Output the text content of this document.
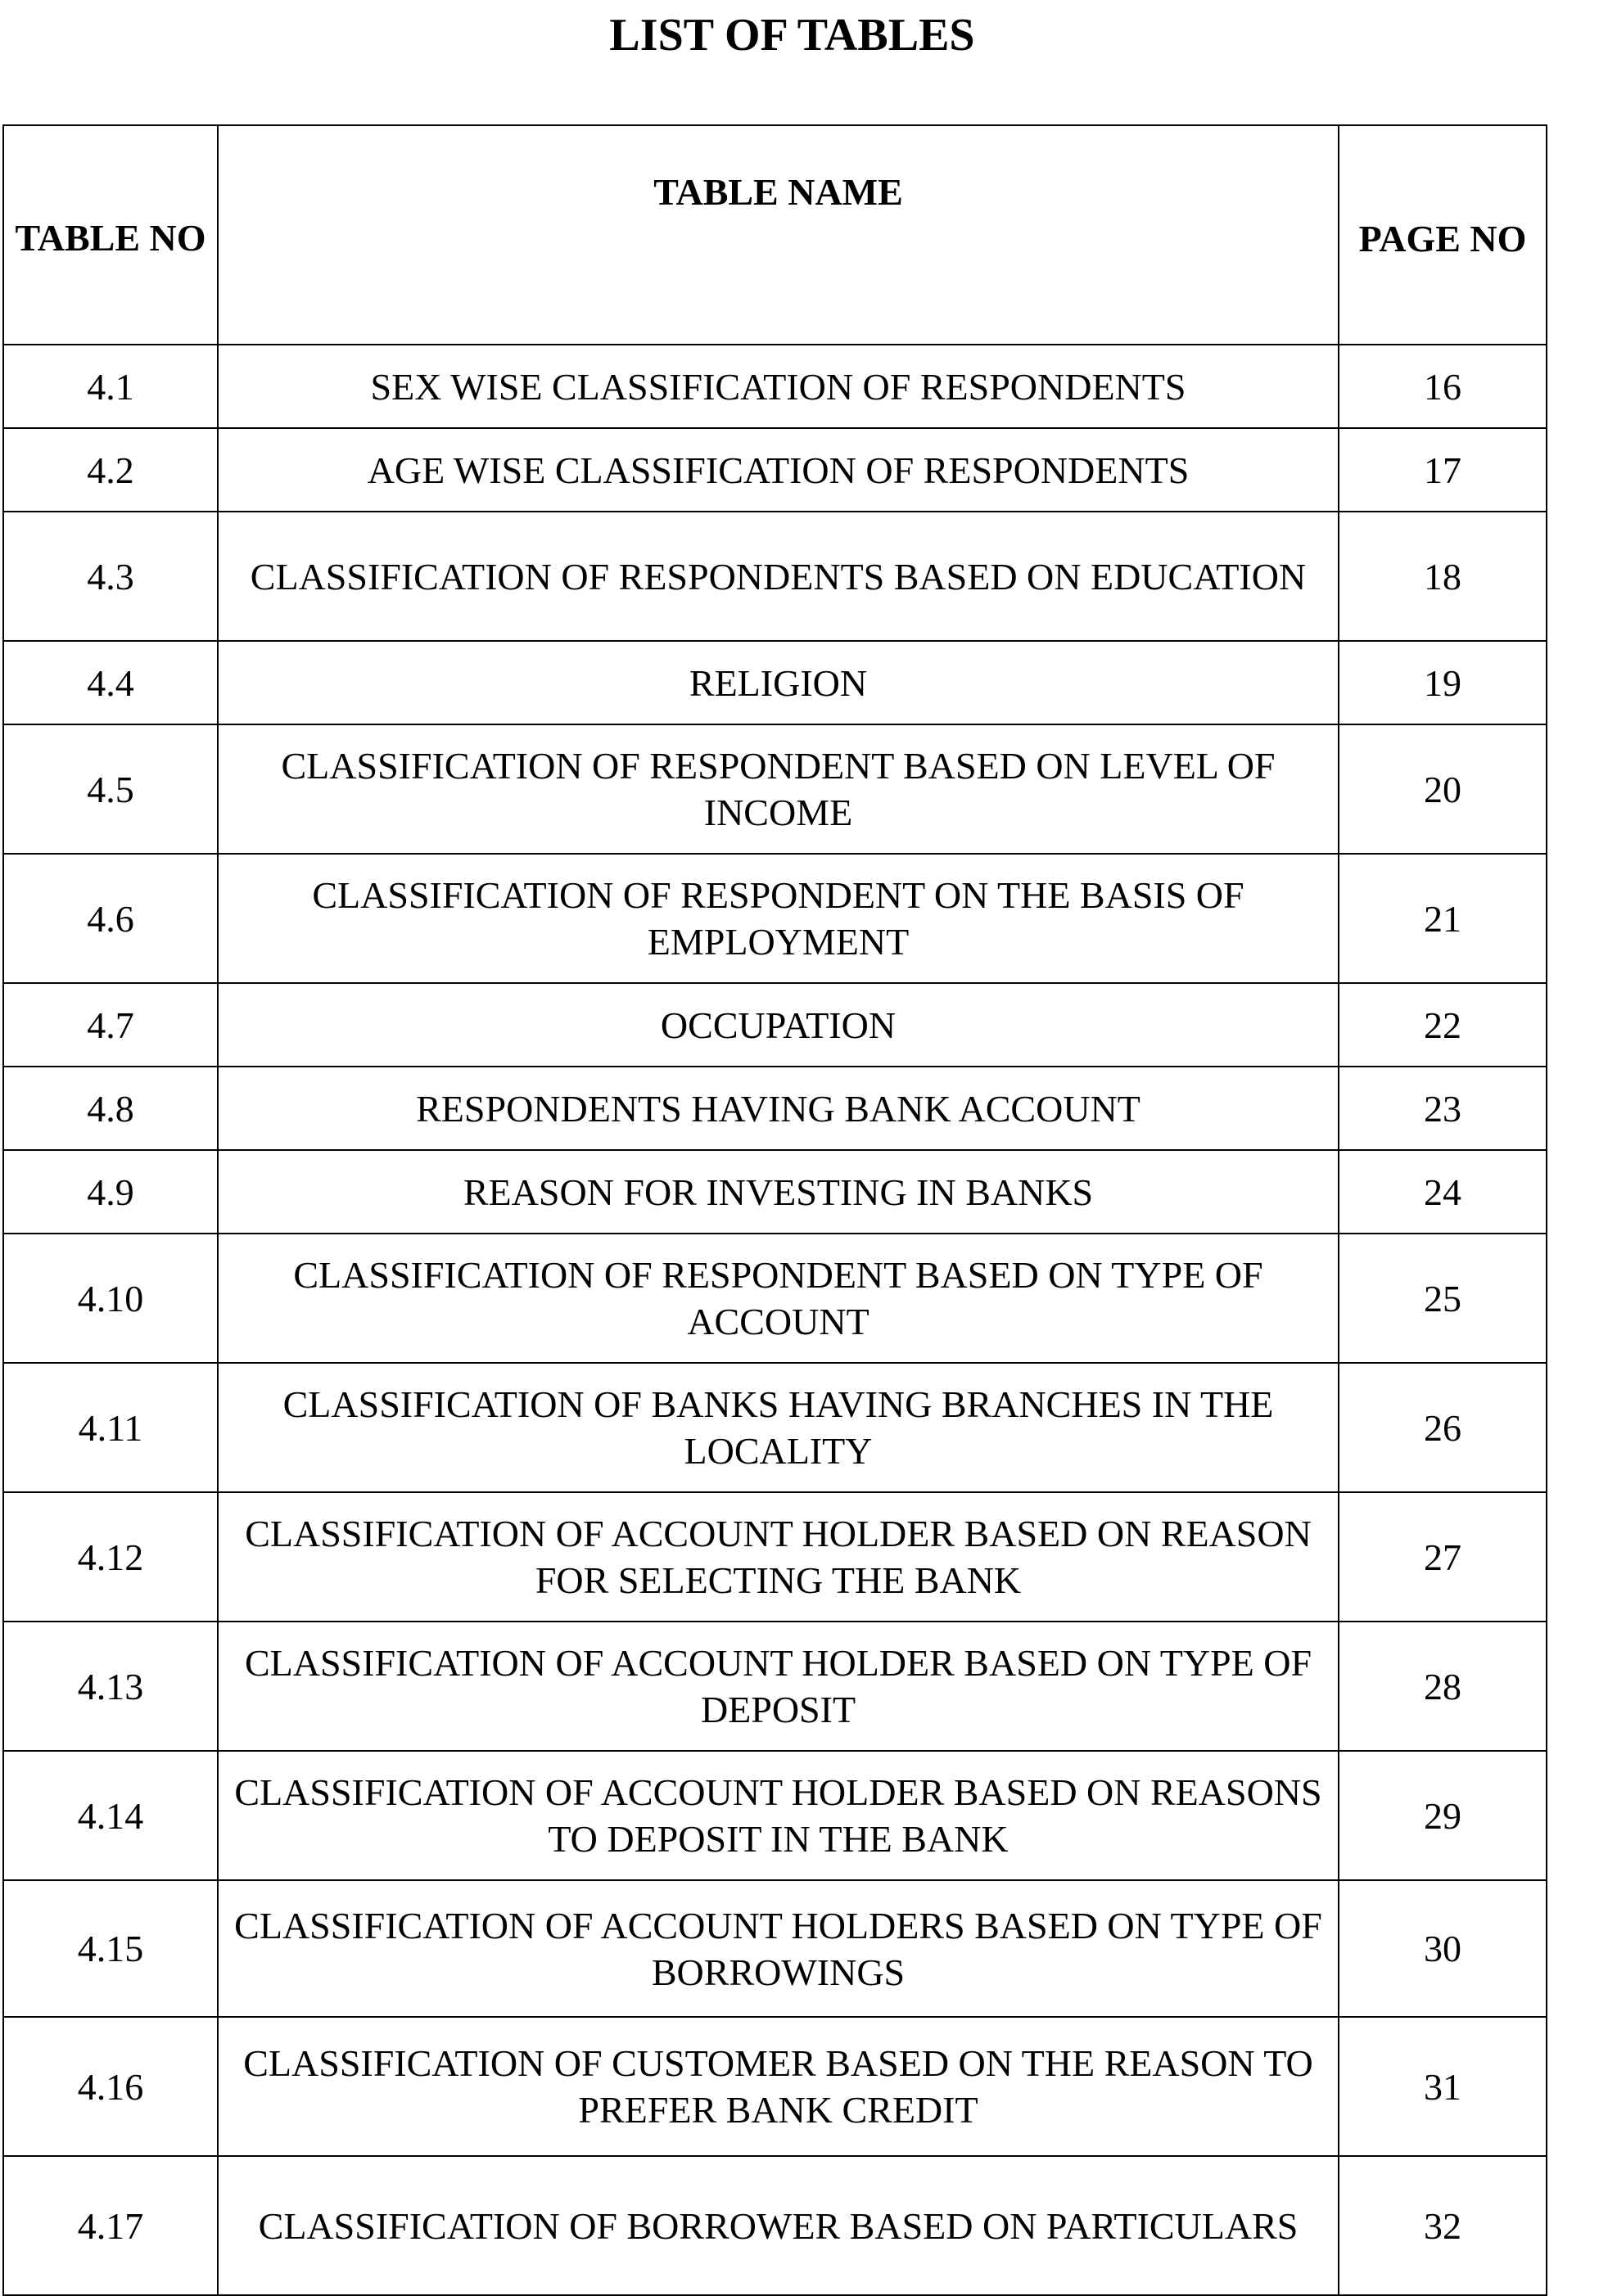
LIST OF TABLES
TABLE NO	TABLE NAME	PAGE NO
4.1	SEX WISE CLASSIFICATION OF RESPONDENTS	16
4.2	AGE WISE CLASSIFICATION OF RESPONDENTS	17
4.3	CLASSIFICATION OF RESPONDENTS BASED ON EDUCATION	18
4.4	RELIGION	19
4.5	CLASSIFICATION OF RESPONDENT BASED ON LEVEL OF INCOME	20
4.6	CLASSIFICATION OF RESPONDENT ON THE BASIS OF EMPLOYMENT	21
4.7	OCCUPATION	22
4.8	RESPONDENTS HAVING BANK ACCOUNT	23
4.9	REASON FOR INVESTING IN BANKS	24
4.10	CLASSIFICATION OF RESPONDENT BASED ON TYPE OF ACCOUNT	25
4.11	CLASSIFICATION OF BANKS HAVING BRANCHES IN THE LOCALITY	26
4.12	CLASSIFICATION OF ACCOUNT HOLDER BASED ON REASON FOR SELECTING THE BANK	27
4.13	CLASSIFICATION OF ACCOUNT HOLDER BASED ON TYPE OF DEPOSIT	28
4.14	CLASSIFICATION OF ACCOUNT HOLDER BASED ON REASONS TO DEPOSIT IN THE BANK	29
4.15	CLASSIFICATION OF ACCOUNT HOLDERS BASED ON TYPE OF BORROWINGS	30
4.16	CLASSIFICATION OF CUSTOMER BASED ON THE REASON TO PREFER BANK CREDIT	31
4.17	CLASSIFICATION OF BORROWER BASED ON PARTICULARS	32
